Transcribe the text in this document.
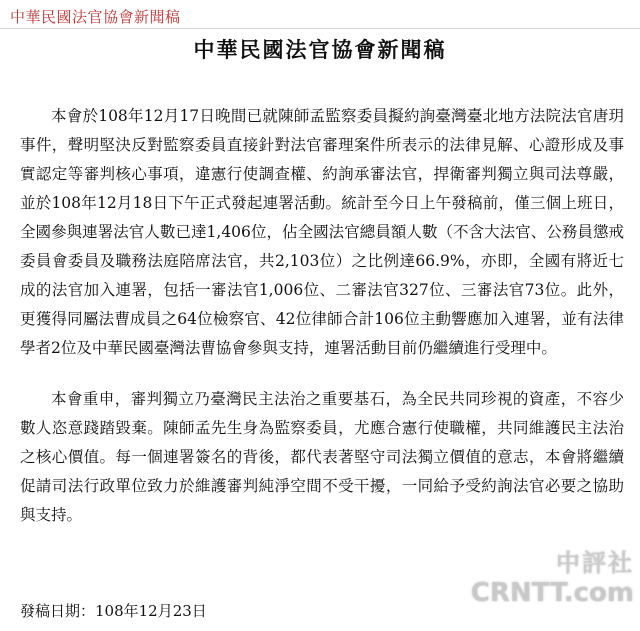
中華民國法官協會新聞稿
中華民國法官協會新聞稿

本會於108年12月17日晚間已就陳師孟監察委員擬約詢臺灣臺北地方法院法官唐玥事件，聲明堅決反對監察委員直接針對法官審理案件所表示的法律見解、心證形成及事實認定等審判核心事項，違憲行使調查權、約詢承審法官，捍衛審判獨立與司法尊嚴，並於108年12月18日下午正式發起連署活動。統計至今日上午發稿前，僅三個上班日，全國參與連署法官人數已達1,406位，佔全國法官總員額人數（不含大法官、公務員懲戒委員會委員及職務法庭陪席法官，共2,103位）之比例達66.9%，亦即，全國有將近七成的法官加入連署，包括一審法官1,006位、二審法官327位、三審法官73位。此外，更獲得同屬法曹成員之64位檢察官、42位律師合計106位主動響應加入連署，並有法律學者2位及中華民國臺灣法曹協會參與支持，連署活動目前仍繼續進行受理中。

本會重申，審判獨立乃臺灣民主法治之重要基石，為全民共同珍視的資產，不容少數人恣意踐踏毀棄。陳師孟先生身為監察委員，尤應合憲行使職權，共同維護民主法治之核心價值。每一個連署簽名的背後，都代表著堅守司法獨立價值的意志，本會將繼續促請司法行政單位致力於維護審判純淨空間不受干擾，一同給予受約詢法官必要之協助與支持。

發稿日期：108年12月23日
中評社
CRNTT.com
